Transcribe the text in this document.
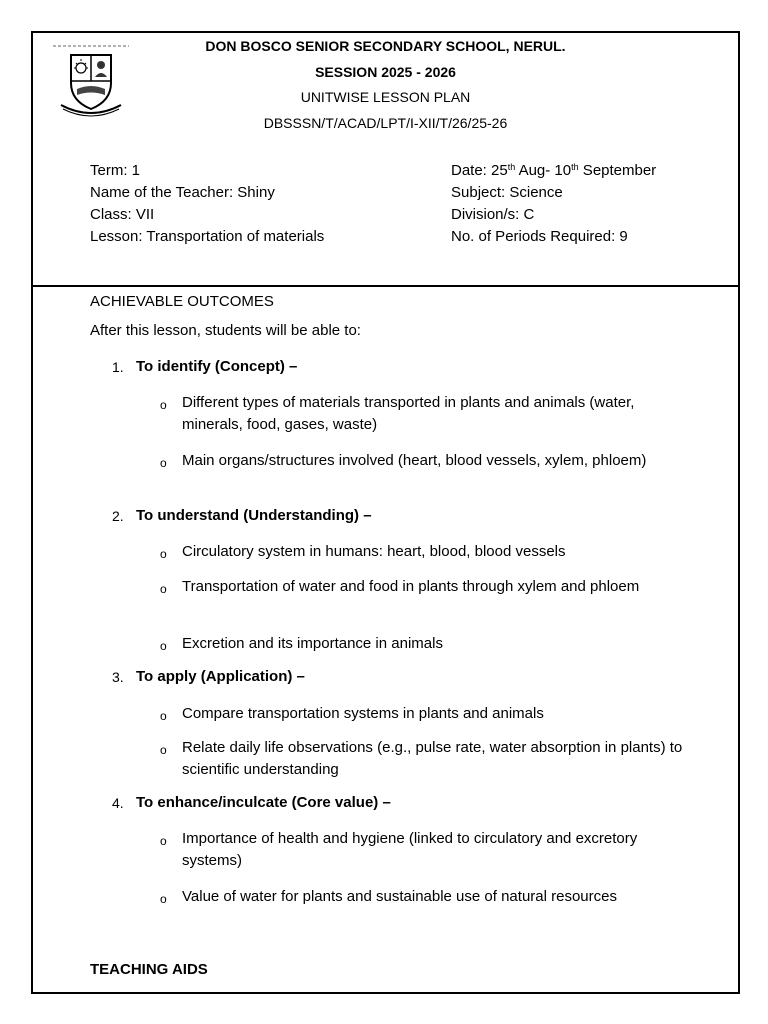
DON BOSCO SENIOR SECONDARY SCHOOL, NERUL.
SESSION 2025 - 2026
UNITWISE LESSON PLAN
DBSSSN/T/ACAD/LPT/I-XII/T/26/25-26
Term: 1
Name of the Teacher: Shiny
Class: VII
Lesson: Transportation of materials
Date: 25th Aug- 10th September
Subject: Science
Division/s: C
No. of Periods Required: 9
ACHIEVABLE OUTCOMES
After this lesson, students will be able to:
1. To identify (Concept) –
o Different types of materials transported in plants and animals (water, minerals, food, gases, waste)
o Main organs/structures involved (heart, blood vessels, xylem, phloem)
2. To understand (Understanding) –
o Circulatory system in humans: heart, blood, blood vessels
o Transportation of water and food in plants through xylem and phloem
o Excretion and its importance in animals
3. To apply (Application) –
o Compare transportation systems in plants and animals
o Relate daily life observations (e.g., pulse rate, water absorption in plants) to scientific understanding
4. To enhance/inculcate (Core value) –
o Importance of health and hygiene (linked to circulatory and excretory systems)
o Value of water for plants and sustainable use of natural resources
TEACHING AIDS
